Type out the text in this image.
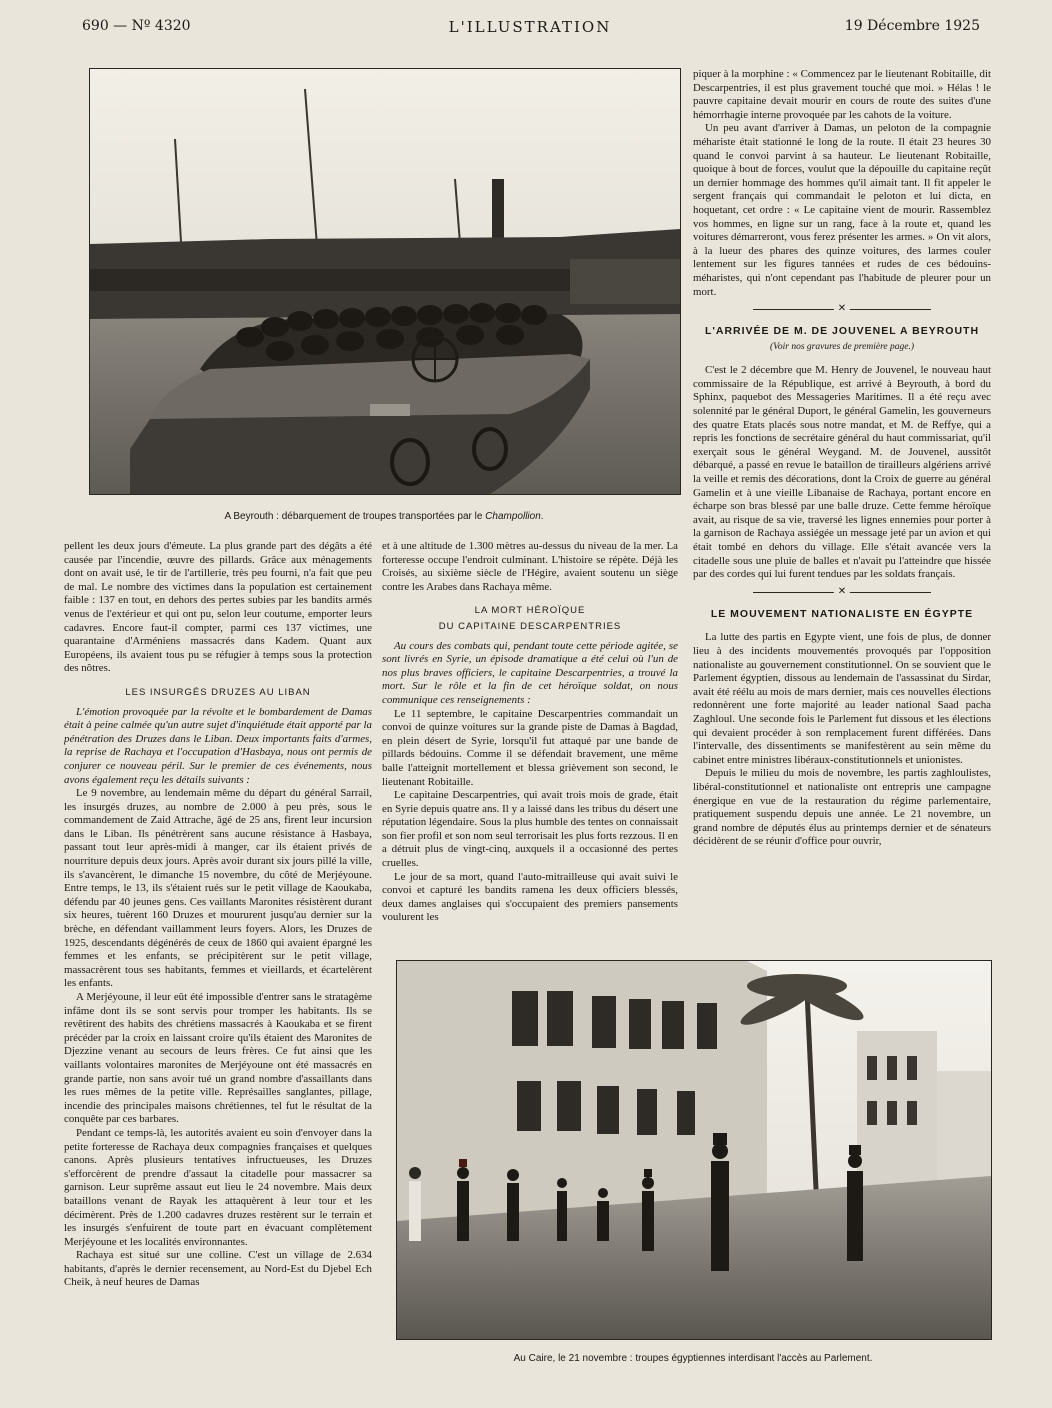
690 — Nº 4320	L'ILLUSTRATION	19 Décembre 1925
A Beyrouth : débarquement de troupes transportées par le Champollion.

pellent les deux jours d'émeute. La plus grande part des dégâts a été causée par l'incendie, œuvre des pillards. Grâce aux ménagements dont on avait usé, le tir de l'artillerie, très peu fourni, n'a fait que peu de mal. Le nombre des victimes dans la population est certainement faible : 137 en tout, en dehors des pertes subies par les bandits armés venus de l'extérieur et qui ont pu, selon leur coutume, emporter leurs cadavres. Encore faut-il compter, parmi ces 137 victimes, une quarantaine d'Arméniens massacrés dans Kadem. Quant aux Européens, ils avaient tous pu se réfugier à temps sous la protection des nôtres.

LES INSURGÉS DRUZES AU LIBAN

L'émotion provoquée par la révolte et le bombardement de Damas était à peine calmée qu'un autre sujet d'inquiétude était apporté par la pénétration des Druzes dans le Liban. Deux importants faits d'armes, la reprise de Rachaya et l'occupation d'Hasbaya, nous ont permis de conjurer ce nouveau péril. Sur le premier de ces événements, nous avons également reçu les détails suivants :

Le 9 novembre, au lendemain même du départ du général Sarrail, les insurgés druzes, au nombre de 2.000 à peu près, sous le commandement de Zaid Attrache, âgé de 25 ans, firent leur incursion dans le Liban. Ils pénétrèrent sans aucune résistance à Hasbaya, passant tout leur après-midi à manger, car ils étaient privés de nourriture depuis deux jours. Après avoir durant six jours pillé la ville, ils s'avancèrent, le dimanche 15 novembre, du côté de Merjéyoune. Entre temps, le 13, ils s'étaient rués sur le petit village de Kaoukaba, défendu par 40 jeunes gens. Ces vaillants Maronites résistèrent durant six heures, tuèrent 160 Druzes et moururent jusqu'au dernier sur la brèche, en défendant vaillamment leurs foyers. Alors, les Druzes de 1925, descendants dégénérés de ceux de 1860 qui avaient épargné les femmes et les enfants, se précipitèrent sur le petit village, massacrèrent tous ses habitants, femmes et vieillards, et écartelèrent les enfants.

A Merjéyoune, il leur eût été impossible d'entrer sans le stratagème infâme dont ils se sont servis pour tromper les habitants. Ils se revêtirent des habits des chrétiens massacrés à Kaoukaba et se firent précéder par la croix en laissant croire qu'ils étaient des Maronites de Djezzine venant au secours de leurs frères. Ce fut ainsi que les vaillants volontaires maronites de Merjéyoune ont été massacrés en grande partie, non sans avoir tué un grand nombre d'assaillants dans les rues mêmes de la petite ville. Représailles sanglantes, pillage, incendie des principales maisons chrétiennes, tel fut le résultat de la conquête par ces barbares.

Pendant ce temps-là, les autorités avaient eu soin d'envoyer dans la petite forteresse de Rachaya deux compagnies françaises et quelques canons. Après plusieurs tentatives infructueuses, les Druzes s'efforcèrent de prendre d'assaut la citadelle pour massacrer sa garnison. Leur suprême assaut eut lieu le 24 novembre. Mais deux bataillons venant de Rayak les attaquèrent à leur tour et les décimèrent. Près de 1.200 cadavres druzes restèrent sur le terrain et les insurgés s'enfuirent de toute part en évacuant complètement Merjéyoune et les localités environnantes.

Rachaya est situé sur une colline. C'est un village de 2.634 habitants, d'après le dernier recensement, au Nord-Est du Djebel Ech Cheik, à neuf heures de Damas

et à une altitude de 1.300 mètres au-dessus du niveau de la mer. La forteresse occupe l'endroit culminant. L'histoire se répète. Déjà les Croisés, au sixième siècle de l'Hégire, avaient soutenu un siège contre les Arabes dans Rachaya même.

LA MORT HÉROÏQUE
DU CAPITAINE DESCARPENTRIES

Au cours des combats qui, pendant toute cette période agitée, se sont livrés en Syrie, un épisode dramatique a été celui où l'un de nos plus braves officiers, le capitaine Descarpentries, a trouvé la mort. Sur le rôle et la fin de cet héroïque soldat, on nous communique ces renseignements :

Le 11 septembre, le capitaine Descarpentries commandait un convoi de quinze voitures sur la grande piste de Damas à Bagdad, en plein désert de Syrie, lorsqu'il fut attaqué par une bande de pillards bédouins. Comme il se défendait bravement, une même balle l'atteignit mortellement et blessa grièvement son second, le lieutenant Robitaille.

Le capitaine Descarpentries, qui avait trois mois de grade, était en Syrie depuis quatre ans. Il y a laissé dans les tribus du désert une réputation légendaire. Sous la plus humble des tentes on connaissait son fier profil et son nom seul terrorisait les plus forts rezzous. Il en a détruit plus de vingt-cinq, auxquels il a occasionné des pertes cruelles.

Le jour de sa mort, quand l'auto-mitrailleuse qui avait suivi le convoi et capturé les bandits ramena les deux officiers blessés, deux dames anglaises qui s'occupaient des premiers pansements voulurent les

piquer à la morphine : « Commencez par le lieutenant Robitaille, dit Descarpentries, il est plus gravement touché que moi. » Hélas ! le pauvre capitaine devait mourir en cours de route des suites d'une hémorrhagie interne provoquée par les cahots de la voiture.

Un peu avant d'arriver à Damas, un peloton de la compagnie méhariste était stationné le long de la route. Il était 23 heures 30 quand le convoi parvint à sa hauteur. Le lieutenant Robitaille, quoique à bout de forces, voulut que la dépouille du capitaine reçût un dernier hommage des hommes qu'il aimait tant. Il fit appeler le sergent français qui commandait le peloton et lui dicta, en hoquetant, cet ordre : « Le capitaine vient de mourir. Rassemblez vos hommes, en ligne sur un rang, face à la route et, quand les voitures démarreront, vous ferez présenter les armes. » On vit alors, à la lueur des phares des quinze voitures, des larmes couler lentement sur les figures tannées et rudes de ces bédouins-méharistes, qui n'ont cependant pas l'habitude de pleurer pour un mort.

✕
L'ARRIVÉE DE M. DE JOUVENEL A BEYROUTH
(Voir nos gravures de première page.)

C'est le 2 décembre que M. Henry de Jouvenel, le nouveau haut commissaire de la République, est arrivé à Beyrouth, à bord du Sphinx, paquebot des Messageries Maritimes. Il a été reçu avec solennité par le général Duport, le général Gamelin, les gouverneurs des quatre Etats placés sous notre mandat, et M. de Reffye, qui a repris les fonctions de secrétaire général du haut commissariat, qu'il exerçait sous le général Weygand. M. de Jouvenel, aussitôt débarqué, a passé en revue le bataillon de tirailleurs algériens arrivé la veille et remis des décorations, dont la Croix de guerre au général Gamelin et à une vieille Libanaise de Rachaya, portant encore en écharpe son bras blessé par une balle druze. Cette femme héroïque avait, au risque de sa vie, traversé les lignes ennemies pour porter à la garnison de Rachaya assiégée un message jeté par un avion et qui était tombé en dehors du village. Elle s'était avancée vers la citadelle sous une pluie de balles et n'avait pu l'atteindre que hissée par des cordes qui lui furent tendues par les soldats français.

✕
LE MOUVEMENT NATIONALISTE EN ÉGYPTE

La lutte des partis en Egypte vient, une fois de plus, de donner lieu à des incidents mouvementés provoqués par l'opposition nationaliste au gouvernement constitutionnel. On se souvient que le Parlement égyptien, dissous au lendemain de l'assassinat du Sirdar, avait été réélu au mois de mars dernier, mais ces nouvelles élections redonnèrent une forte majorité au leader national Saad pacha Zaghloul. Une seconde fois le Parlement fut dissous et les élections qui devaient procéder à son remplacement furent différées. Dans l'intervalle, des dissentiments se manifestèrent au sein même du cabinet entre ministres libéraux-constitutionnels et unionistes.

Depuis le milieu du mois de novembre, les partis zaghloulistes, libéral-constitutionnel et nationaliste ont entrepris une campagne énergique en vue de la restauration du régime parlementaire, pratiquement suspendu depuis une année. Le 21 novembre, un grand nombre de députés élus au printemps dernier et de sénateurs décidèrent de se réunir d'office pour ouvrir,

Au Caire, le 21 novembre : troupes égyptiennes interdisant l'accès au Parlement.
